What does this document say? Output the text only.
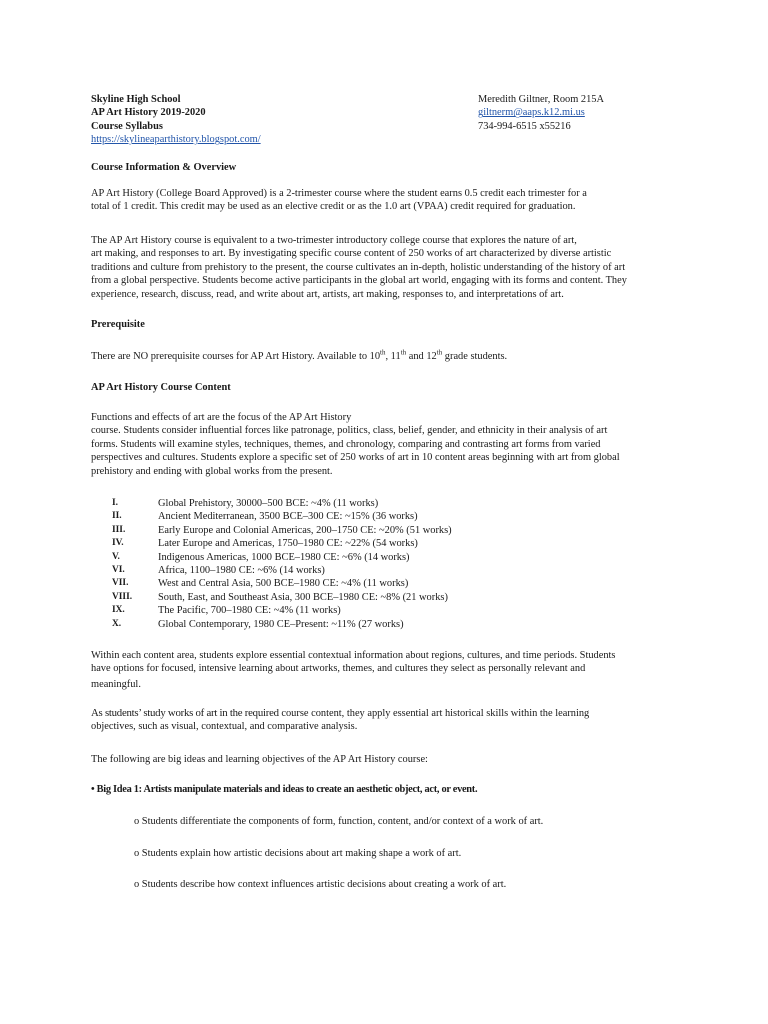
Skyline High School
AP Art History 2019-2020
Course Syllabus
https://skylineaparthistory.blogspot.com/
Meredith Giltner, Room 215A
giltnerm@aaps.k12.mi.us
734-994-6515 x55216
Course Information & Overview
AP Art History (College Board Approved) is a 2-trimester course where the student earns 0.5 credit each trimester for a
total of 1 credit. This credit may be used as an elective credit or as the 1.0 art (VPAA) credit required for graduation.
The AP Art History course is equivalent to a two-trimester introductory college course that explores the nature of art,
art making, and responses to art. By investigating specific course content of 250 works of art characterized by diverse artistic
traditions and culture from prehistory to the present, the course cultivates an in-depth, holistic understanding of the history of art
from a global perspective. Students become active participants in the global art world, engaging with its forms and content. They
experience, research, discuss, read, and write about art, artists, art making, responses to, and interpretations of art.
Prerequisite
There are NO prerequisite courses for AP Art History. Available to 10th, 11th and 12th grade students.
AP Art History Course Content
Functions and effects of art are the focus of the AP Art History
course. Students consider influential forces like patronage, politics, class, belief, gender, and ethnicity in their analysis of art
forms. Students will examine styles, techniques, themes, and chronology, comparing and contrasting art forms from varied
perspectives and cultures. Students explore a specific set of 250 works of art in 10 content areas beginning with art from global
prehistory and ending with global works from the present.
I.	Global Prehistory, 30000–500 BCE: ~4% (11 works)
II.	Ancient Mediterranean, 3500 BCE–300 CE: ~15% (36 works)
III.	Early Europe and Colonial Americas, 200–1750 CE: ~20% (51 works)
IV.	Later Europe and Americas, 1750–1980 CE: ~22% (54 works)
V.	Indigenous Americas, 1000 BCE–1980 CE: ~6% (14 works)
VI.	Africa, 1100–1980 CE: ~6% (14 works)
VII.	West and Central Asia, 500 BCE–1980 CE: ~4% (11 works)
VIII. South, East, and Southeast Asia, 300 BCE–1980 CE: ~8% (21 works)
IX.	The Pacific, 700–1980 CE: ~4% (11 works)
X.	Global Contemporary, 1980 CE–Present: ~11% (27 works)
Within each content area, students explore essential contextual information about regions, cultures, and time periods. Students
have options for focused, intensive learning about artworks, themes, and cultures they select as personally relevant and
meaningful.
As students’ study works of art in the required course content, they apply essential art historical skills within the learning
objectives, such as visual, contextual, and comparative analysis.
The following are big ideas and learning objectives of the AP Art History course:
• Big Idea 1: Artists manipulate materials and ideas to create an aesthetic object, act, or event.
o Students differentiate the components of form, function, content, and/or context of a work of art.
o Students explain how artistic decisions about art making shape a work of art.
o Students describe how context influences artistic decisions about creating a work of art.
